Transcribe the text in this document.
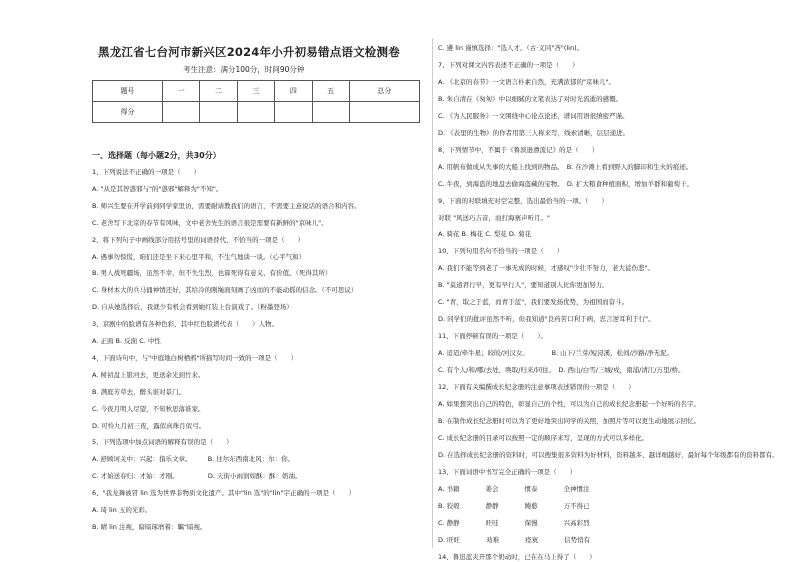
黑龙江省七台河市新兴区2024年小升初易错点语文检测卷
考生注意：满分100分，时间90分钟
题号	一	二	三	四	五	总分
得分						
一、选择题（每小题2分，共30分）
1、下列说法不正确的一项是（　　）
A. "从是其智惑邪与"的"惑邪"解释为"不知"。
B. 师兴生要在开学前到同学家里访，需要耐请教我们的语言，不需要主意说话的语合和内容。
C. 老舍写下北京的春节有风味，文中老舍先生的语言很是需要有新鲜的"京味儿"。
2、将下列句子中画线部分用括号里的词语替代，不恰当的一项是（　　）
A. 遇事勿惊慌，咱们还是坐下来心里平和，不生气地谈一谈。（心平气和）
B. 男人战死疆场，虽然不幸，但不失生烈，也算死得有意义、有价值。（死得其所）
C. 身材本大的兵马俑神情还好，其给冷的刚绳面刻画了凶而的不能动摇的信念。（不可思议）
D. 自从她选择后，我就少有机会看到她红装上台演戏了。（粉墨登场）
3、京剧中的脸谱有各种色彩，其中红色脸谱代表（　　）人物。
A. 正面 B. 反面 C. 中性
4、下面诗句中，与"中庭地白树栖鸦"所描写时间一致的一项是（　　）
A. 树初盘上银河去，更送余光到竹来。
B. 满庭芳草去，醉头谁对景门。
C. 今夜月明人尽望，不知秋思落谁家。
D. 可怜九月初三夜，露似真珠月似弓。
5、下列选项中加点词语的解释有误的是（　　）
A. 舒顾诃关中：兴起：指乐文章。　　　B. 往尔东西南北风：尔：你。
C. 才始送春归：才始：才刚。　　　　　D. 天街小雨润如酥：酥：奶油。
6、"我龙舞被冒 lin 选为世界非物质文化遗产。其中"lin 选"的"lin"字正确的一项是（　　）
A. 琦 lin 玉的光彩。
B. 晴 lin 注视，暗暗琢磨着：瞩"暗视。
C. 遴 lin 谨慎选择："选人才。（古·义同"吝"(lin)。
7、下列对课文内容表述不正确的一项是（　　）
A. 《北京的春节》一文语言朴素自然，充满浓郁的"京味儿"。
B. 朱自清在《匆匆》中以细腻的文笔表达了对时光流逝的感慨。
C. 《为人民服务》一文围绕中心论点论述，谱词用语很缜密严谨。
D. 《表里的生物》的作者用第三人称来写，线索清晰，层层递进。
8、下列情节中，不属于《鲁滨逊漂流记》的是（　　）
A. 用帆布做成从失事的大船上找到的物品。　B. 在沙滩上看到野人的脚印和生火的痕迹。
C. 牛夜，到海盗的地盘去偷海盗藏的宝物。　D. 扩大粮食种植面积，增加羊群和葡萄干。
9、下面的对联填充对空完整，选出最恰当的一项。（　　）
对联 "风送巧吉音，而打海寨声听月。"
A. 骑花 B. 梅花 C. 梨花 D. 菊花
10、下列句用名句不恰当的一项是（　　）
A. 我们不能等到老了一事无成的时候，才感叹"少壮不努力，老大徒伤悲"。
B. "莫道君行早，更有早行人"，要知道别人比你更加努力。
C. "青，取之于蓝，而青于蓝"，我们要发扬优势，为祖国而奋斗。
D. 同学们的批评虽然不听，但我知道"良药苦口利于病，忠言逆耳利于行"。
11、下面停顿有误的一项是（　　）。
A. 迢迢/牵牛星；皎皎/河汉女。　　　　B. 山下/兰芽/短浸溪，松间/沙路/净无泥。
C. 有个人/和/哪/去处，唤取/归来/同住。　D. 西山/白雪/三城/戍，南浦/清江/万里/桥。
12、下面有关编撰成长纪念册的注意事项表述错误的一项是（　　）
A. 如果想突出自己的特色，彰显自己的个性，可以为自己的成长纪念册起一个好听的名字。
B. 在制作成长纪念册时可以为了更好地突出同学的关照，加照片等可以更生动地展示回忆。
C. 成长纪念册的目录可以按照一定的顺序来写，呈现的方式可以多样化。
D. 在选择成长纪念册的资料时，可以搜集很多资料为好材料，资料越多、越详细越好，最好每个年级都有的资料都有。
13、下面词语中书写完全正确的一项是（　　）
A. 书籍　　　　姜会　　　　惯泰　　　　全神惯注
B. 狡毂　　　　静静　　　　鲍憨　　　　万不得已
C. 静静　　　　旺哇　　　　保慢　　　　兴高彩烈
D. 旺旺　　　　劝难　　　　痊寞　　　　信势悄有
14、鲁迅蓝夹开那个奶动时，已在在马上得了（　　）
